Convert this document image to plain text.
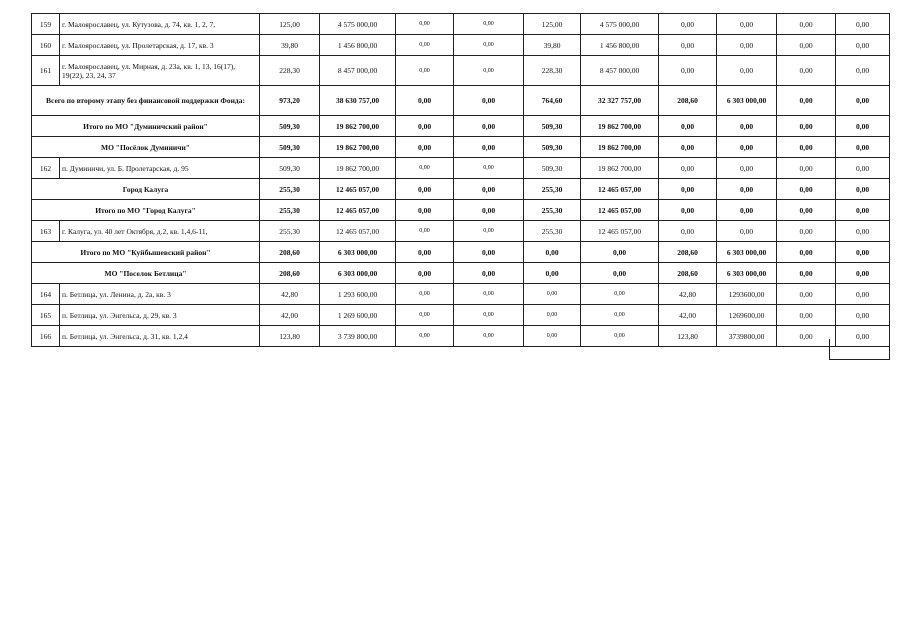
159	г. Малоярославец, ул. Кутузова, д. 74, кв. 1, 2, 7,	125,00	4 575 000,00	0,00	0,00	125,00	4 575 000,00	0,00	0,00	0,00	0,00
160	г. Малоярославец, ул. Пролетарская, д. 17, кв. 3	39,80	1 456 800,00	0,00	0,00	39,80	1 456 800,00	0,00	0,00	0,00	0,00
161	г. Малоярославец, ул. Мирная, д. 23а, кв. 1, 13, 16(17), 19(22), 23, 24, 37	228,30	8 457 000,00	0,00	0,00	228,30	8 457 000,00	0,00	0,00	0,00	0,00
Всего по второму этапу без финансовой поддержки Фонда:		973,20	38 630 757,00	0,00	0,00	764,60	32 327 757,00	208,60	6 303 000,00	0,00	0,00
Итого по МО "Думиничский район"		509,30	19 862 700,00	0,00	0,00	509,30	19 862 700,00	0,00	0,00	0,00	0,00
МО "Посёлок Думиничи"		509,30	19 862 700,00	0,00	0,00	509,30	19 862 700,00	0,00	0,00	0,00	0,00
162	п. Думиничи, ул. Б. Пролетарская, д. 95	509,30	19 862 700,00	0,00	0,00	509,30	19 862 700,00	0,00	0,00	0,00	0,00
Город Калуга		255,30	12 465 057,00	0,00	0,00	255,30	12 465 057,00	0,00	0,00	0,00	0,00
Итого по МО "Город Калуга"		255,30	12 465 057,00	0,00	0,00	255,30	12 465 057,00	0,00	0,00	0,00	0,00
163	г. Калуга, ул. 40 лет Октября, д.2, кв. 1,4,6-11,	255,30	12 465 057,00	0,00	0,00	255,30	12 465 057,00	0,00	0,00	0,00	0,00
Итого по МО "Куйбышевский район"		208,60	6 303 000,00	0,00	0,00	0,00	0,00	208,60	6 303 000,00	0,00	0,00
МО "Поселок Бетлица"		208,60	6 303 000,00	0,00	0,00	0,00	0,00	208,60	6 303 000,00	0,00	0,00
164	п. Бетлица, ул. Ленина, д. 2а, кв. 3	42,80	1 293 600,00	0,00	0,00	0,00	0,00	42,80	1293600,00	0,00	0,00
165	п. Бетлица, ул. Энгельса, д. 29, кв. 3	42,00	1 269 600,00	0,00	0,00	0,00	0,00	42,00	1269600,00	0,00	0,00
166	п. Бетлица, ул. Энгельса, д. 31, кв. 1,2,4	123,80	3 739 800,00	0,00	0,00	0,00	0,00	123,80	3739800,00	0,00	0,00
